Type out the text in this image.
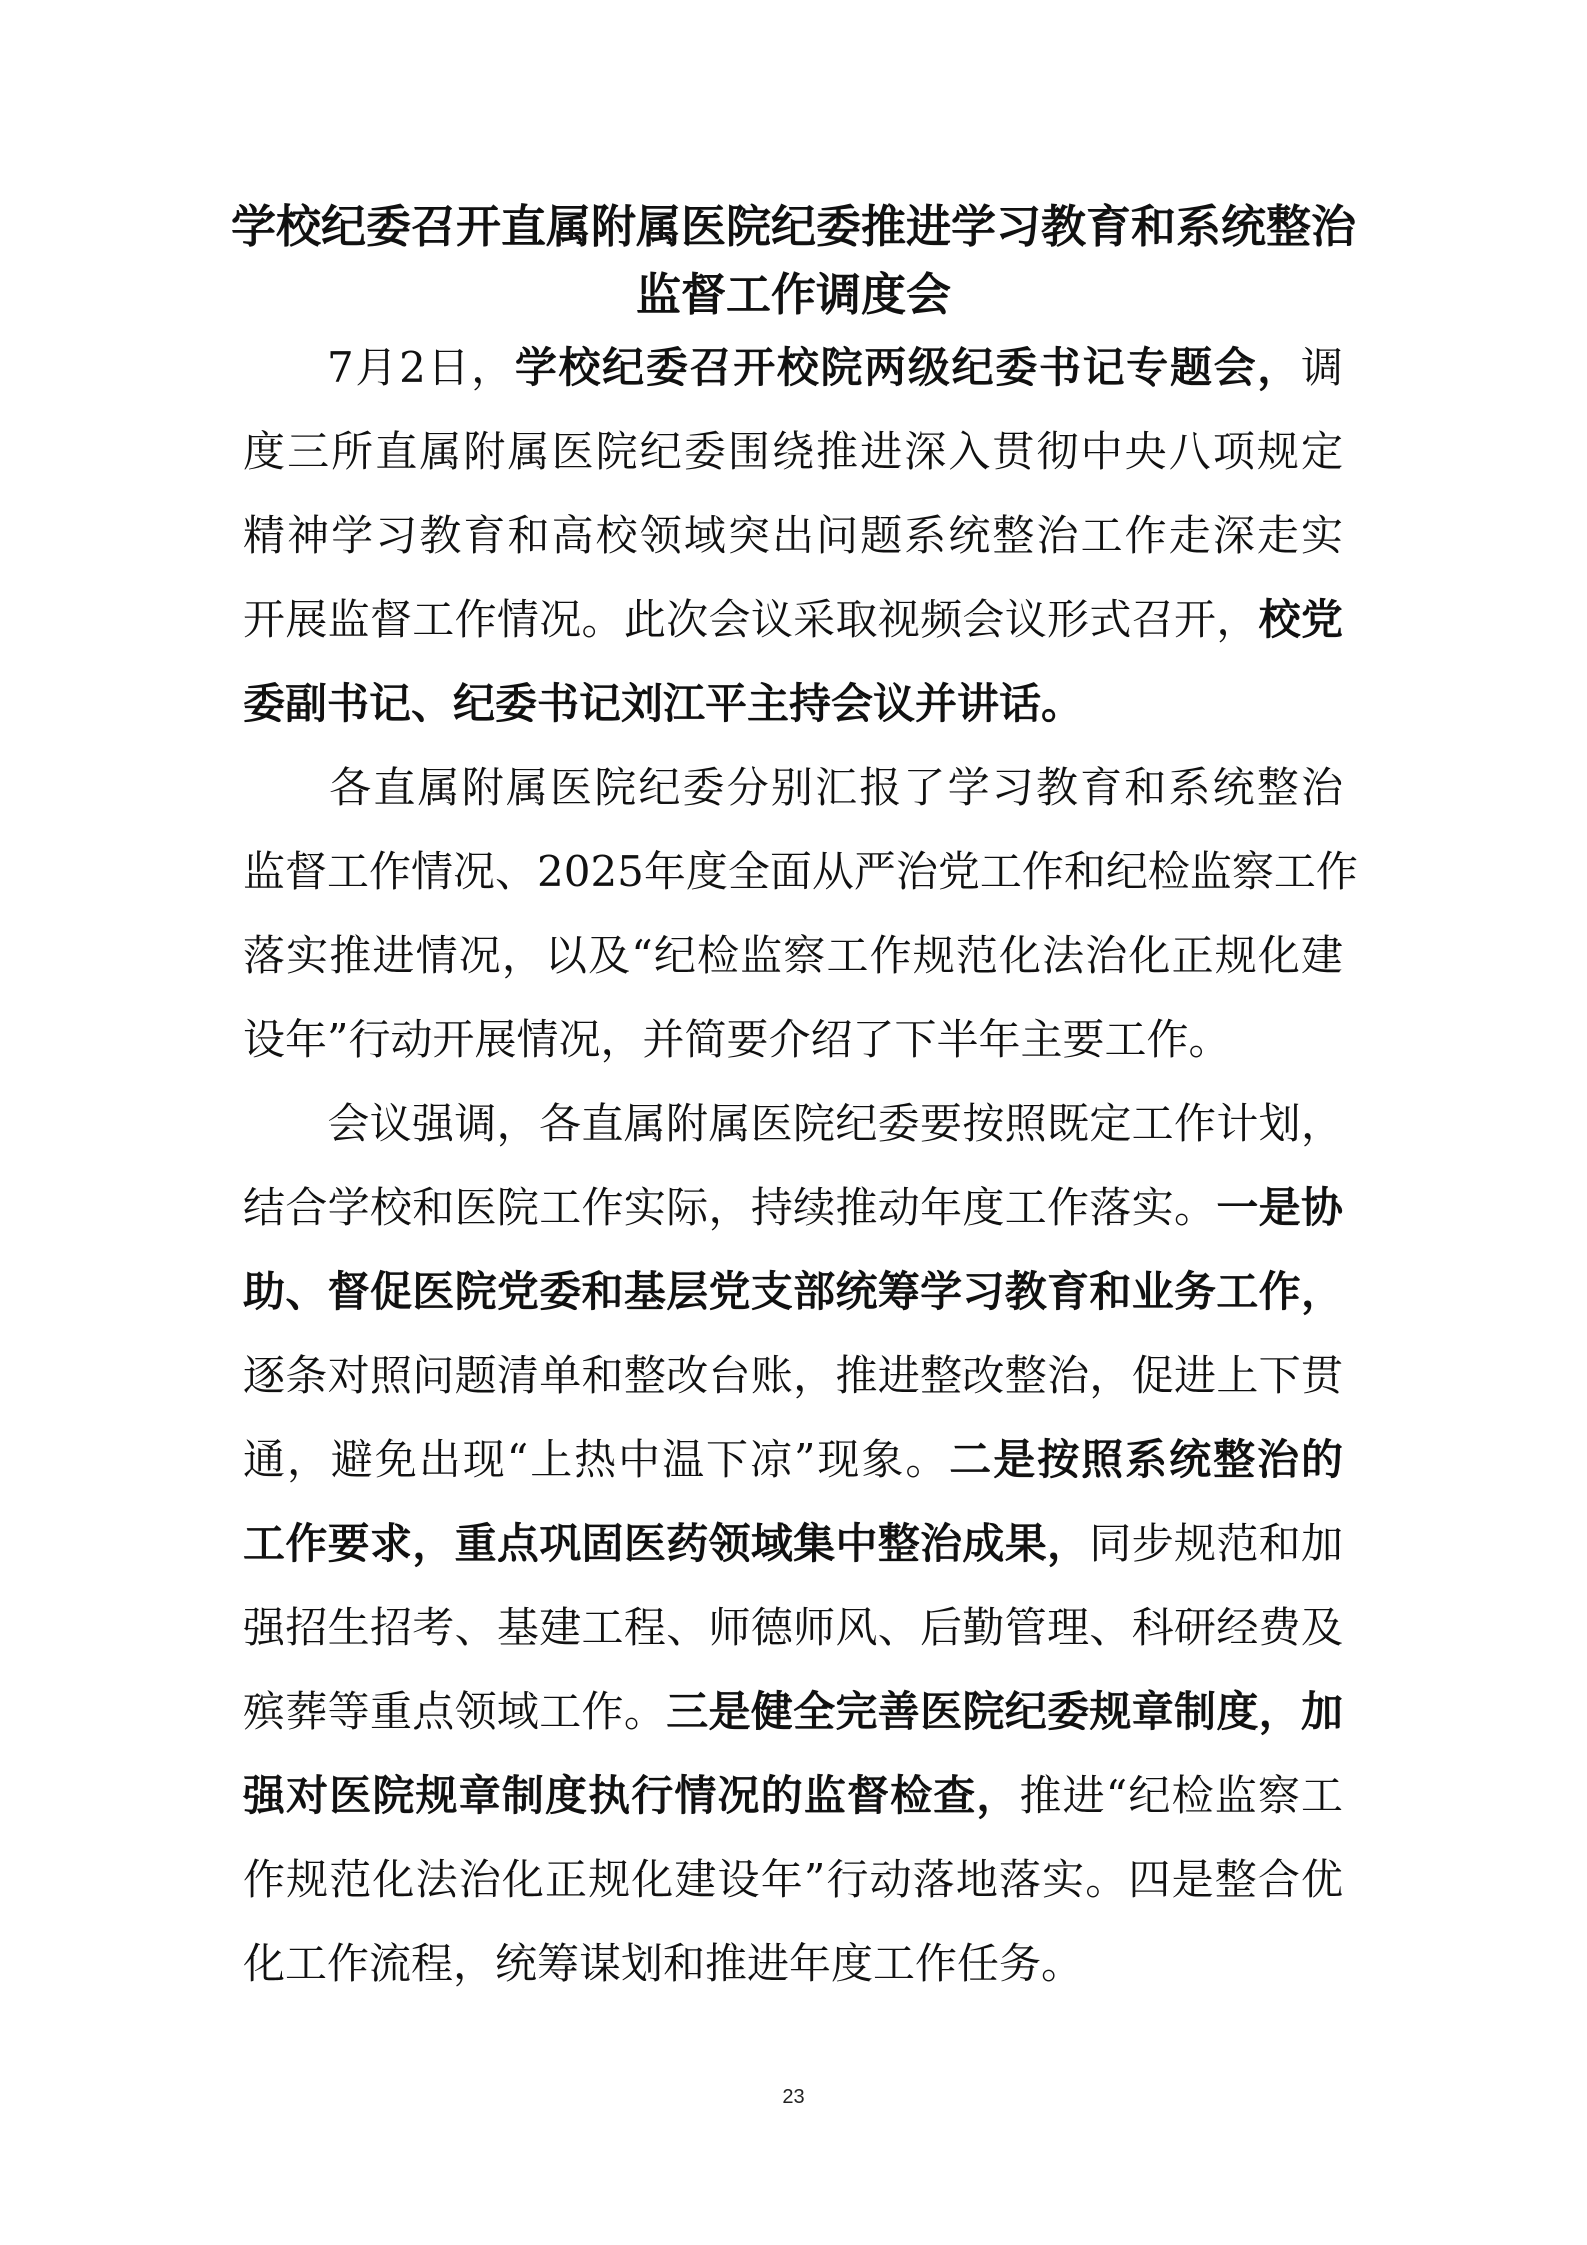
学校纪委召开直属附属医院纪委推进学习教育和系统整治
监督工作调度会
7月2日，学校纪委召开校院两级纪委书记专题会，调
度三所直属附属医院纪委围绕推进深入贯彻中央八项规定
精神学习教育和高校领域突出问题系统整治工作走深走实
开展监督工作情况。此次会议采取视频会议形式召开，校党
委副书记、纪委书记刘江平主持会议并讲话。
各直属附属医院纪委分别汇报了学习教育和系统整治
监督工作情况、2025年度全面从严治党工作和纪检监察工作
落实推进情况，以及“纪检监察工作规范化法治化正规化建
设年”行动开展情况，并简要介绍了下半年主要工作。
会议强调，各直属附属医院纪委要按照既定工作计划，
结合学校和医院工作实际，持续推动年度工作落实。一是协
助、督促医院党委和基层党支部统筹学习教育和业务工作，
逐条对照问题清单和整改台账，推进整改整治，促进上下贯
通，避免出现“上热中温下凉”现象。二是按照系统整治的
工作要求，重点巩固医药领域集中整治成果，同步规范和加
强招生招考、基建工程、师德师风、后勤管理、科研经费及
殡葬等重点领域工作。三是健全完善医院纪委规章制度，加
强对医院规章制度执行情况的监督检查，推进“纪检监察工
作规范化法治化正规化建设年”行动落地落实。四是整合优
化工作流程，统筹谋划和推进年度工作任务。
23
